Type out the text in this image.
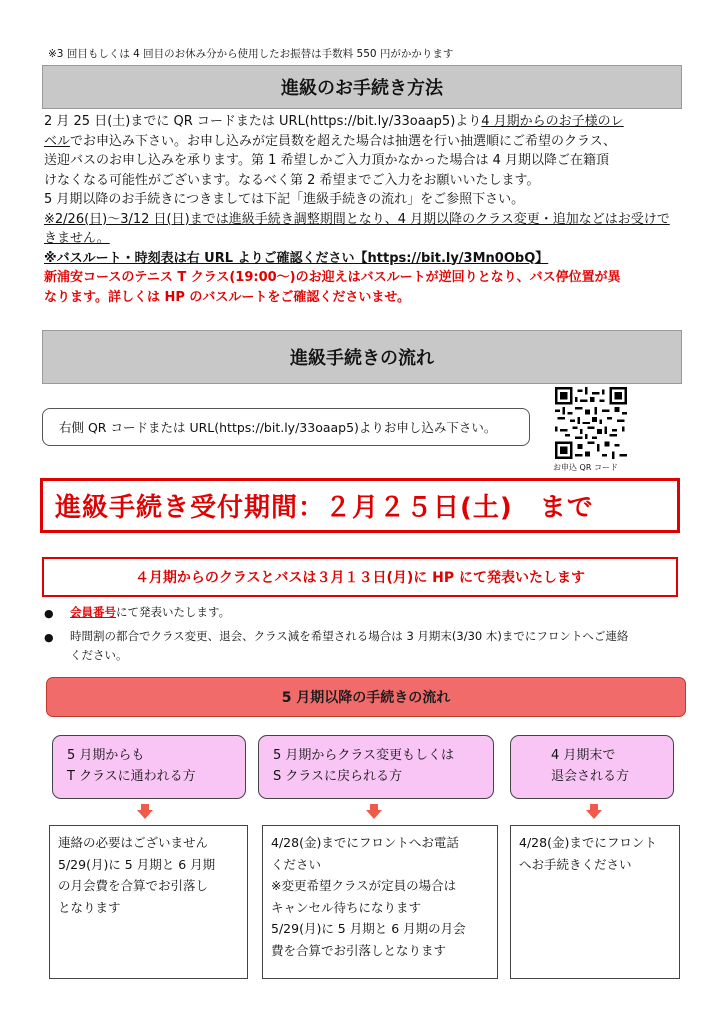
※3 回目もしくは 4 回目のお休み分から使用したお振替は手数料 550 円がかかります
進級のお手続き方法
2 月 25 日(土)までに QR コードまたは URL(https://bit.ly/33oaap5)より4 月期からのお子様のレ
ベルでお申込み下さい。お申し込みが定員数を超えた場合は抽選を行い抽選順にご希望のクラス、
送迎バスのお申し込みを承ります。第 1 希望しかご入力頂かなかった場合は 4 月期以降ご在籍頂
けなくなる可能性がございます。なるべく第 2 希望までご入力をお願いいたします。
5 月期以降のお手続きにつきましては下記「進級手続きの流れ」をご参照下さい。
※2/26(日)～3/12 日(日)までは進級手続き調整期間となり、4 月期以降のクラス変更・追加などはお受けで
きません。
※バスルート・時刻表は右 URL よりご確認ください【https://bit.ly/3Mn0ObQ】
新浦安コースのテニス T クラス(19:00～)のお迎えはバスルートが逆回りとなり、バス停位置が異
なります。詳しくは HP のバスルートをご確認くださいませ。
進級手続きの流れ
右側 QR コードまたは URL(https://bit.ly/33oaap5)よりお申し込み下さい。
お申込 QR コード
進級手続き受付期間：２月２５日(土)　まで
４月期からのクラスとバスは３月１３日(月)に HP にて発表いたします
●	会員番号にて発表いたします。
● 時間割の都合でクラス変更、退会、クラス減を希望される場合は 3 月期末(3/30 木)までにフロントへご連絡
ください。
5 月期以降の手続きの流れ
5 月期からも
T クラスに通われる方
連絡の必要はございません
5/29(月)に 5 月期と 6 月期
の月会費を合算でお引落し
となります
5 月期からクラス変更もしくは
S クラスに戻られる方
4/28(金)までにフロントへお電話
ください
※変更希望クラスが定員の場合は
キャンセル待ちになります
5/29(月)に 5 月期と 6 月期の月会
費を合算でお引落しとなります
4 月期末で
退会される方
4/28(金)までにフロント
へお手続きください
